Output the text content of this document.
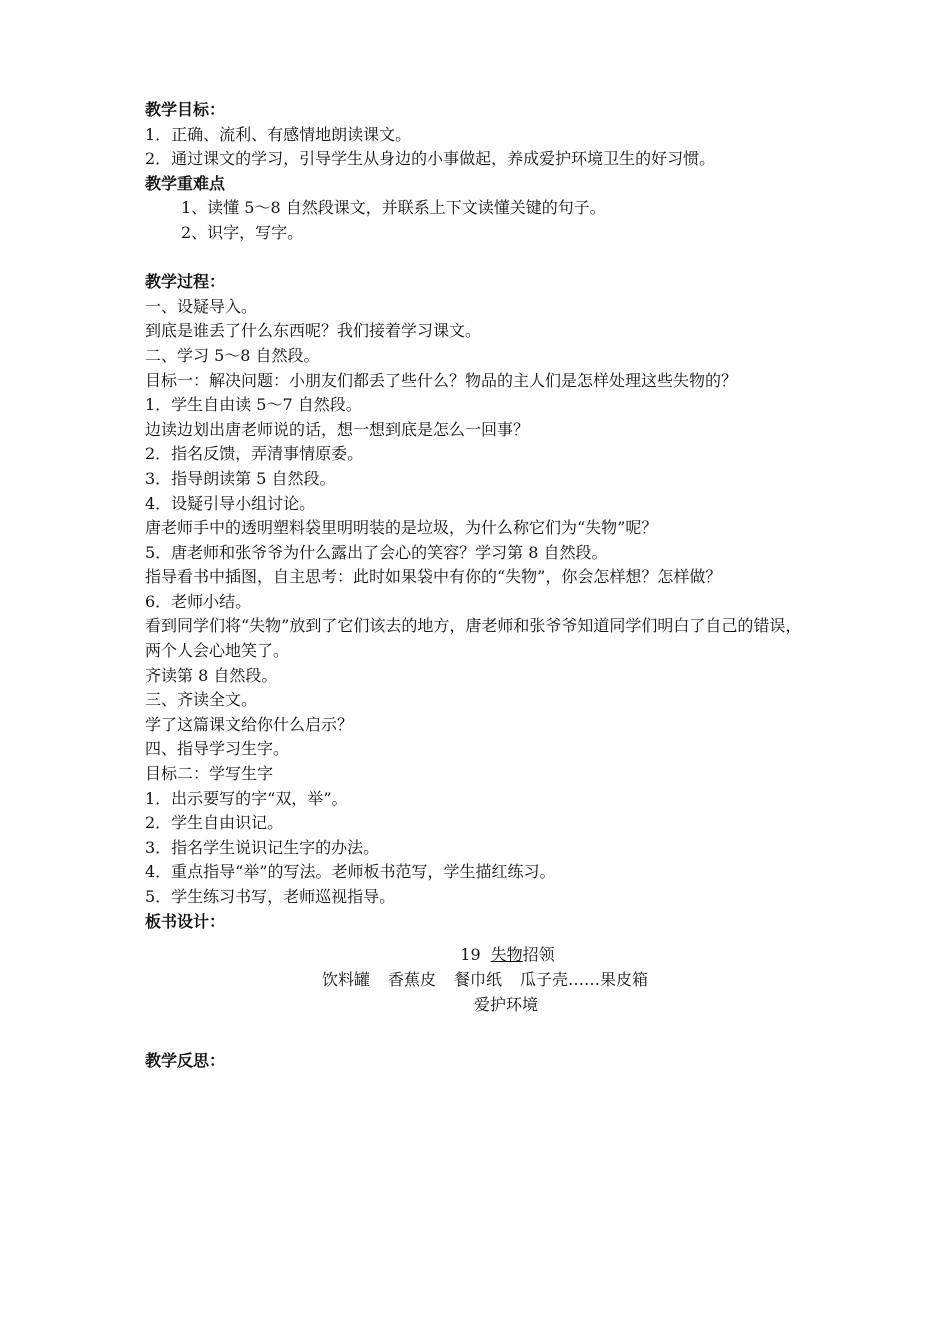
教学目标：
1．正确、流利、有感情地朗读课文。
2．通过课文的学习，引导学生从身边的小事做起，养成爱护环境卫生的好习惯。
教学重难点
1、读懂 5～8 自然段课文，并联系上下文读懂关键的句子。
2、识字，写字。
教学过程：
一、设疑导入。
到底是谁丢了什么东西呢？我们接着学习课文。
二、学习 5～8 自然段。
目标一：解决问题：小朋友们都丢了些什么？物品的主人们是怎样处理这些失物的？
1．学生自由读 5～7 自然段。
边读边划出唐老师说的话，想一想到底是怎么一回事？
2．指名反馈，弄清事情原委。
3．指导朗读第 5 自然段。
4．设疑引导小组讨论。
唐老师手中的透明塑料袋里明明装的是垃圾，为什么称它们为“失物”呢？
5．唐老师和张爷爷为什么露出了会心的笑容？学习第 8 自然段。
指导看书中插图，自主思考：此时如果袋中有你的“失物”，你会怎样想？怎样做？
6．老师小结。
看到同学们将“失物”放到了它们该去的地方，唐老师和张爷爷知道同学们明白了自己的错误，两个人会心地笑了。
齐读第 8 自然段。
三、齐读全文。
学了这篇课文给你什么启示？
四、指导学习生字。
目标二：学写生字
1．出示要写的字“双，举”。
2．学生自由识记。
3．指名学生说识记生字的办法。
4．重点指导“举”的写法。老师板书范写，学生描红练习。
5．学生练习书写，老师巡视指导。
板书设计：
19 失物招领
饮料罐 香蕉皮 餐巾纸 瓜子壳……果皮箱
爱护环境
教学反思：
